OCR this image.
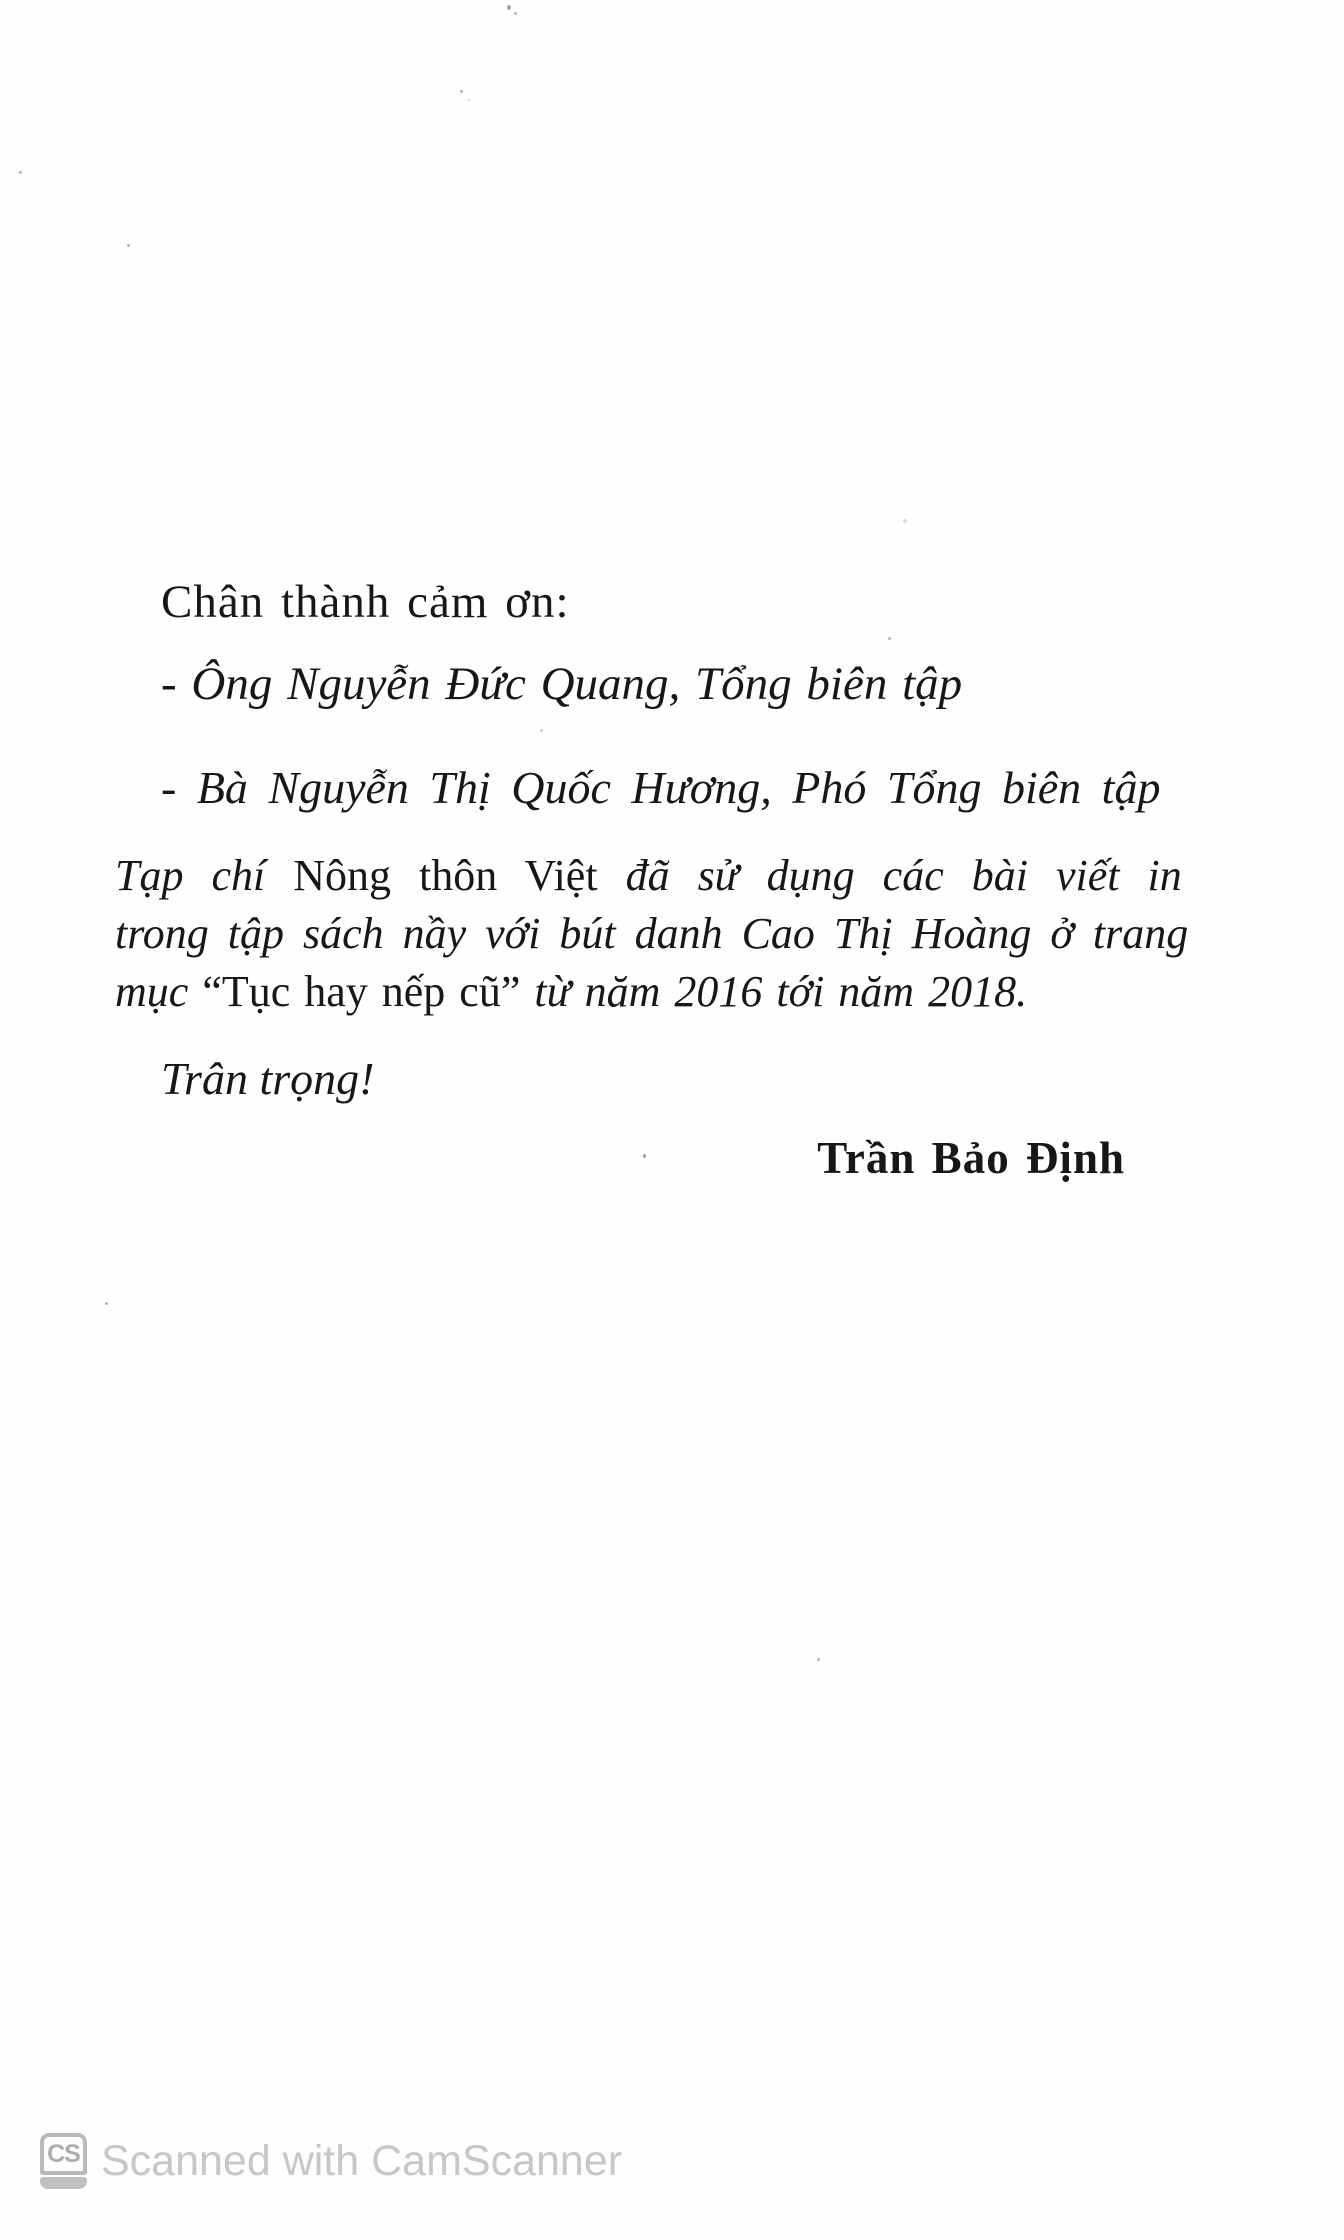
Chân thành cảm ơn:

- Ông Nguyễn Đức Quang, Tổng biên tập

- Bà Nguyễn Thị Quốc Hương, Phó Tổng biên tập

Tạp chí Nông thôn Việt đã sử dụng các bài viết in

trong tập sách nầy với bút danh Cao Thị Hoàng ở trang

mục “Tục hay nếp cũ” từ năm 2016 tới năm 2018.

Trân trọng!

Trần Bảo Định

CS Scanned with CamScanner
